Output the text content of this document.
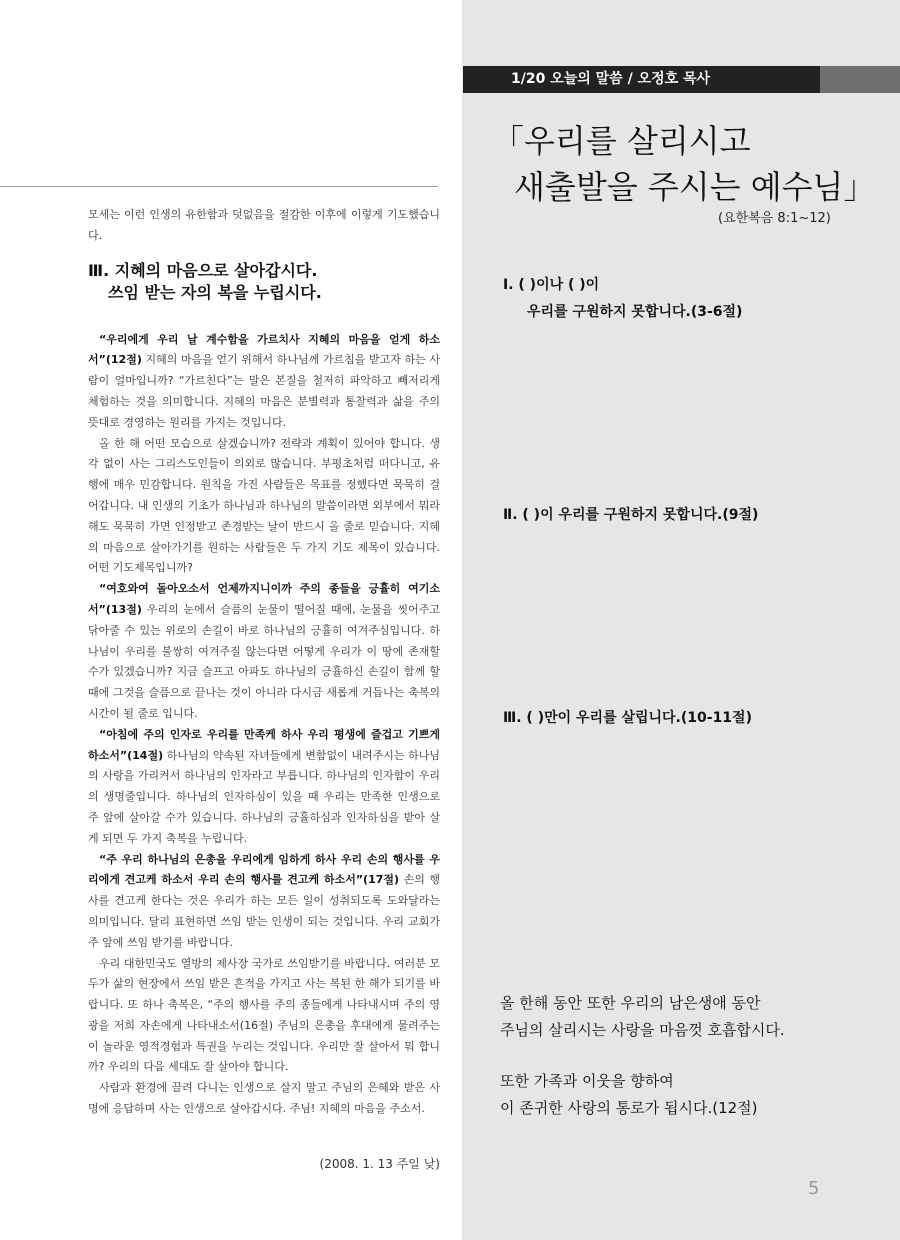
모세는 이런 인생의 유한함과 덧없음을 절감한 이후에 이렇게 기도했습니다.

Ⅲ. 지혜의 마음으로 살아갑시다.
쓰임 받는 자의 복을 누립시다.

“우리에게 우리 날 계수함을 가르치사 지혜의 마음을 얻게 하소서”(12절) 지혜의 마음을 얻기 위해서 하나님께 가르침을 받고자 하는 사람이 얼마입니까? “가르친다”는 말은 본질을 철저히 파악하고 빼저리게 체험하는 것을 의미합니다. 지혜의 마음은 분별력과 통찰력과 삶을 주의 뜻대로 경영하는 원리를 가지는 것입니다.

올 한 해 어떤 모습으로 살겠습니까? 전략과 계획이 있어야 합니다. 생각 없이 사는 그리스도인들이 의외로 많습니다. 부평초처럼 떠다니고, 유행에 매우 민감합니다. 원칙을 가진 사람들은 목표를 정했다면 묵묵히 걸어갑니다. 내 인생의 기초가 하나님과 하나님의 말씀이라면 외부에서 뭐라 해도 묵묵히 가면 인정받고 존경받는 날이 반드시 올 줄로 믿습니다. 지혜의 마음으로 살아가기를 원하는 사람들은 두 가지 기도 제목이 있습니다. 어떤 기도제목입니까?

“여호와여 돌아오소서 언제까지니이까 주의 종들을 긍휼히 여기소서”(13절) 우리의 눈에서 슬픔의 눈물이 떨어질 때에, 눈물을 씻어주고 닦아줄 수 있는 위로의 손길이 바로 하나님의 긍휼히 여겨주심입니다. 하나님이 우리를 불쌍히 여겨주질 않는다면 어떻게 우리가 이 땅에 존재할 수가 있겠습니까? 지금 슬프고 아파도 하나님의 긍휼하신 손길이 함께 할 때에 그것을 슬픔으로 끝나는 것이 아니라 다시금 새롭게 거듭나는 축복의 시간이 될 줄로 입니다.

“아침에 주의 인자로 우리를 만족케 하사 우리 평생에 즐겁고 기쁘게 하소서”(14절) 하나님의 약속된 자녀들에게 변함없이 내려주시는 하나님의 사랑을 가리켜서 하나님의 인자라고 부릅니다. 하나님의 인자함이 우리의 생명줄입니다. 하나님의 인자하심이 있을 때 우리는 만족한 인생으로 주 앞에 살아갈 수가 있습니다. 하나님의 긍휼하심과 인자하심을 받아 살게 되면 두 가지 축복을 누립니다.

“주 우리 하나님의 은총을 우리에게 임하게 하사 우리 손의 행사를 우리에게 견고케 하소서 우리 손의 행사를 견고케 하소서”(17절) 손의 행사를 견고케 한다는 것은 우리가 하는 모든 일이 성취되도록 도와달라는 의미입니다. 달리 표현하면 쓰임 받는 인생이 되는 것입니다. 우리 교회가 주 앞에 쓰임 받기를 바랍니다.

우리 대한민국도 열방의 제사장 국가로 쓰임받기를 바랍니다. 여러분 모두가 삶의 현장에서 쓰임 받은 흔적을 가지고 사는 복된 한 해가 되기를 바랍니다. 또 하나 축복은, “주의 행사를 주의 종들에게 나타내시며 주의 영광을 저희 자손에게 나타내소서(16절) 주님의 은총을 후대에게 물려주는 이 놀라운 영적경험과 특권을 누리는 것입니다. 우리만 잘 살아서 뭐 합니까? 우리의 다음 세대도 잘 살아야 합니다.

사람과 환경에 끌려 다니는 인생으로 살지 말고 주님의 은혜와 받은 사명에 응답하며 사는 인생으로 살아갑시다. 주님! 지혜의 마음을 주소서.

(2008. 1. 13 주일 낮)
1/20 오늘의 말씀 / 오정호 목사
「우리를 살리시고
새출발을 주시는 예수님」
(요한복음 8:1~12)
Ⅰ. ( )이나 ( )이
우리를 구원하지 못합니다.(3-6절)
Ⅱ. ( )이 우리를 구원하지 못합니다.(9절)
Ⅲ. ( )만이 우리를 살립니다.(10-11절)

올 한해 동안 또한 우리의 남은생애 동안
주님의 살리시는 사랑을 마음껏 호흡합시다.

또한 가족과 이웃을 향하여
이 존귀한 사랑의 통로가 됩시다.(12절)

5
